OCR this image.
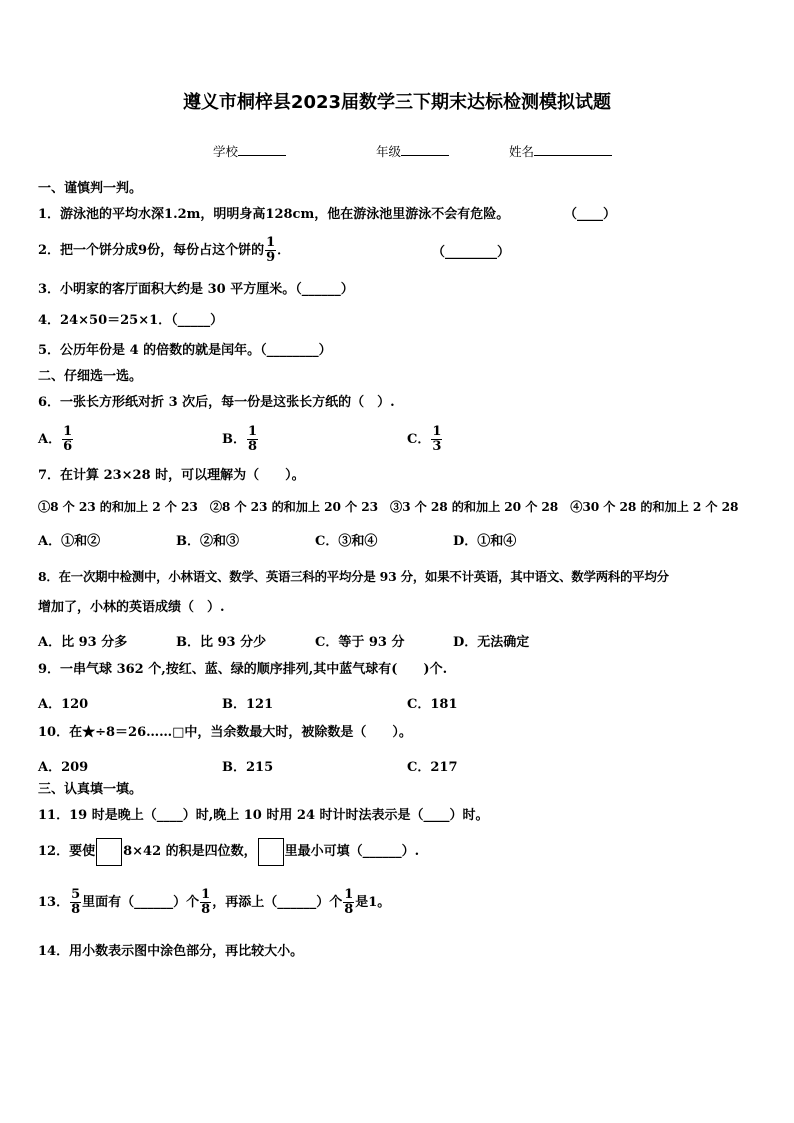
遵义市桐梓县2023届数学三下期末达标检测模拟试题
学校	年级	姓名
一、谨慎判一判。
1．游泳池的平均水深1.2m，明明身高128cm，他在游泳池里游泳不会有危险。	（____）
2．把一个饼分成9份，每份占这个饼的 $\frac{1}{9}$ ．	（________）
3．小明家的客厅面积大约是 30 平方厘米。（______）
4．24×50＝25×1．（_____）
5．公历年份是 4 的倍数的就是闰年。（________）
二、仔细选一选。
6．一张长方形纸对折 3 次后，每一份是这张长方纸的（　）.
A． $\frac{1}{6}$	B． $\frac{1}{8}$	C． $\frac{1}{3}$
7．在计算 23×28 时，可以理解为（　　）。
①8 个 23 的和加上 2 个 23　②8 个 23 的和加上 20 个 23　③3 个 28 的和加上 20 个 28　④30 个 28 的和加上 2 个 28
A．①和②	B．②和③	C．③和④	D．①和④
8．在一次期中检测中，小林语文、数学、英语三科的平均分是 93 分，如果不计英语，其中语文、数学两科的平均分
增加了，小林的英语成绩（　）.
A．比 93 分多	B．比 93 分少	C．等于 93 分	D．无法确定
9．一串气球 362 个,按红、蓝、绿的顺序排列,其中蓝气球有(　　)个.
A．120	B．121	C．181
10．在★÷8＝26……□中，当余数最大时，被除数是（　　）。
A．209	B．215	C．217
三、认真填一填。
11．19 时是晚上（____）时,晚上 10 时用 24 时计时法表示是（____）时。
12．要使 8×42 的积是四位数， 里最小可填（______）.
13． $\frac{5}{8}$ 里面有（______）个 $\frac{1}{8}$ ，再添上（______）个 $\frac{1}{8}$ 是1。
14．用小数表示图中涂色部分，再比较大小。
